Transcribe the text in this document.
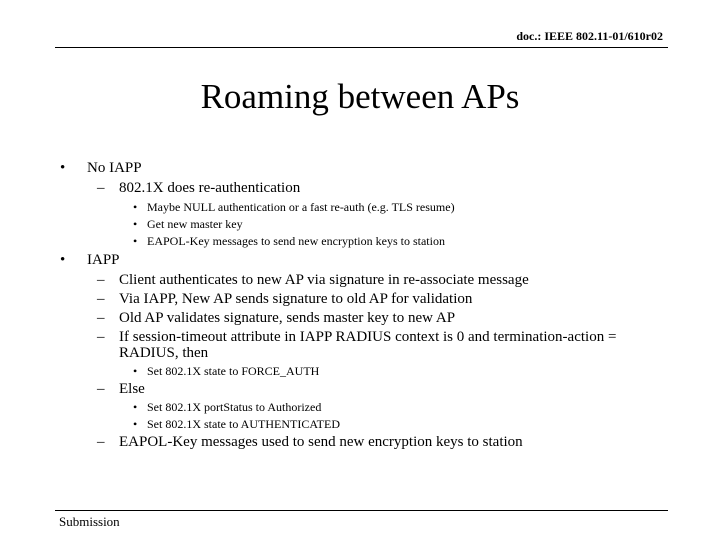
doc.: IEEE 802.11-01/610r02
Roaming between APs
• No IAPP
– 802.1X does re-authentication
• Maybe NULL authentication or a fast re-auth (e.g. TLS resume)
• Get new master key
• EAPOL-Key messages to send new encryption keys to station
• IAPP
– Client authenticates to new AP via signature in re-associate message
– Via IAPP, New AP sends signature to old AP for validation
– Old AP validates signature, sends master key to new AP
– If session-timeout attribute in IAPP RADIUS context is 0 and termination-action =
RADIUS, then
• Set 802.1X state to FORCE_AUTH
– Else
• Set 802.1X portStatus to Authorized
• Set 802.1X state to AUTHENTICATED
– EAPOL-Key messages used to send new encryption keys to station
Submission
